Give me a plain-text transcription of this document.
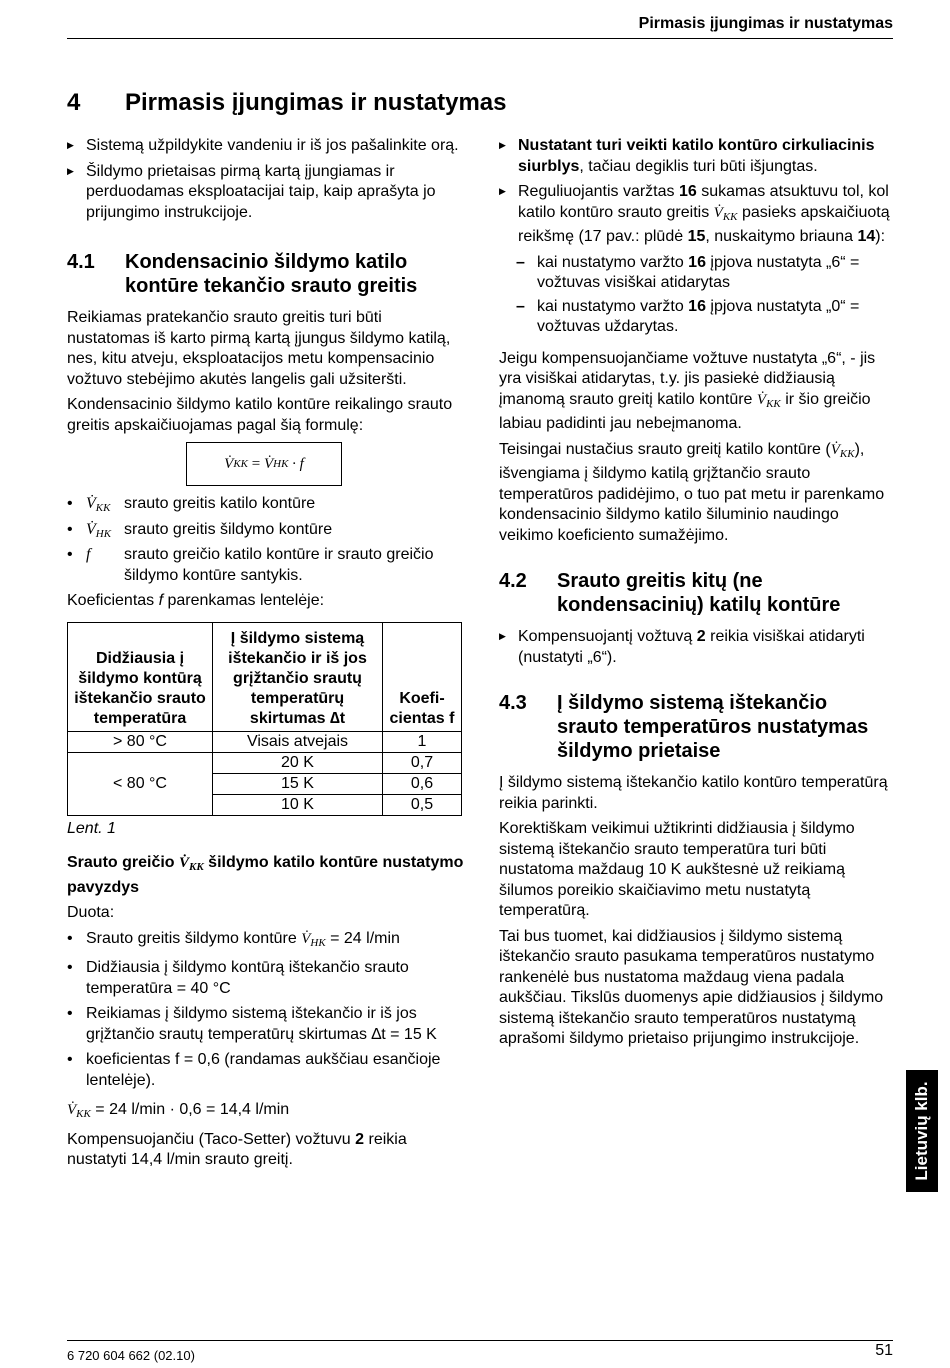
Pirmasis įjungimas ir nustatymas
4 Pirmasis įjungimas ir nustatymas
▶ Sistemą užpildykite vandeniu ir iš jos pašalinkite orą.
▶ Šildymo prietaisas pirmą kartą įjungiamas ir perduodamas eksploatacijai taip, kaip aprašyta jo prijungimo instrukcijoje.
4.1 Kondensacinio šildymo katilo kontūre tekančio srauto greitis

Reikiamas pratekančio srauto greitis turi būti nustatomas iš karto pirmą kartą įjungus šildymo katilą, nes, kitu atveju, eksploatacijos metu kompensacinio vožtuvo stebėjimo akutės langelis gali užsiteršti.

Kondensacinio šildymo katilo kontūre reikalingo srauto greitis apskaičiuojamas pagal šią formulę:

V̇ KK = V̇ HK · f
• $V̇_{KK}$ srauto greitis katilo kontūre
• $V̇_{HK}$ srauto greitis šildymo kontūre
• f srauto greičio katilo kontūre ir srauto greičio šildymo kontūre santykis.

Koeficientas f parenkamas lentelėje:

Didžiausia į šildymo kontūrą ištekančio srauto temperatūra	Į šildymo sistemą ištekančio ir iš jos grįžtančio srautų temperatūrų skirtumas ∆t	Koefi-cientas f
> 80 °C	Visais atvejais	1
< 80 °C	20 K	0,7
	15 K	0,6
	10 K	0,5
Lent. 1

Srauto greičio $V̇_{KK}$ šildymo katilo kontūre nustatymo pavyzdys

Duota:

• Srauto greitis šildymo kontūre $V̇_{HK} = 24$ l/min
• Didžiausia į šildymo kontūrą ištekančio srauto temperatūra = 40 °C
• Reikiamas į šildymo sistemą ištekančio ir iš jos grįžtančio srautų temperatūrų skirtumas ∆t = 15 K
• koeficientas f = 0,6 (randamas aukščiau esančioje lentelėje).

$V̇_{KK} = 24$ l/min · 0,6 = 14,4 l/min

Kompensuojančiu (Taco-Setter) vožtuvu 2 reikia nustatyti 14,4 l/min srauto greitį.

▶ Nustatant turi veikti katilo kontūro cirkuliacinis siurblys, tačiau degiklis turi būti išjungtas.
▶ Reguliuojantis varžtas 16 sukamas atsuktuvu tol, kol katilo kontūro srauto greitis $V̇_{KK}$ pasieks apskaičiuotą reikšmę (17 pav.: plūdė 15, nuskaitymo briauna 14):
– kai nustatymo varžto 16 įpjova nustatyta „6“ = vožtuvas visiškai atidarytas
– kai nustatymo varžto 16 įpjova nustatyta „0“ = vožtuvas uždarytas.

Jeigu kompensuojančiame vožtuve nustatyta „6“, - jis yra visiškai atidarytas, t.y. jis pasiekė didžiausią įmanomą srauto greitį katilo kontūre $V̇_{KK}$ ir šio greičio labiau padidinti jau nebeįmanoma.

Teisingai nustačius srauto greitį katilo kontūre $(V̇_{KK})$, išvengiama į šildymo katilą grįžtančio srauto temperatūros padidėjimo, o tuo pat metu ir parenkamo kondensacinio šildymo katilo šiluminio naudingo veikimo koeficiento sumažėjimo.

4.2 Srauto greitis kitų (ne kondensacinių) katilų kontūre
▶ Kompensuojantį vožtuvą 2 reikia visiškai atidaryti (nustatyti „6“).
4.3 Į šildymo sistemą ištekančio srauto temperatūros nustatymas šildymo prietaise

Į šildymo sistemą ištekančio katilo kontūro temperatūrą reikia parinkti.

Korektiškam veikimui užtikrinti didžiausia į šildymo sistemą ištekančio srauto temperatūra turi būti nustatoma maždaug 10 K aukštesnė už reikiamą šilumos poreikio skaičiavimo metu nustatytą temperatūrą.

Tai bus tuomet, kai didžiausios į šildymo sistemą ištekančio srauto pasukama temperatūros nustatymo rankenėlė bus nustatoma maždaug viena padala aukščiau. Tikslūs duomenys apie didžiausios į šildymo sistemą ištekančio srauto temperatūros nustatymą aprašomi šildymo prietaiso prijungimo instrukcijoje.

Lietuvių klb.
6 720 604 662 (02.10)	51
